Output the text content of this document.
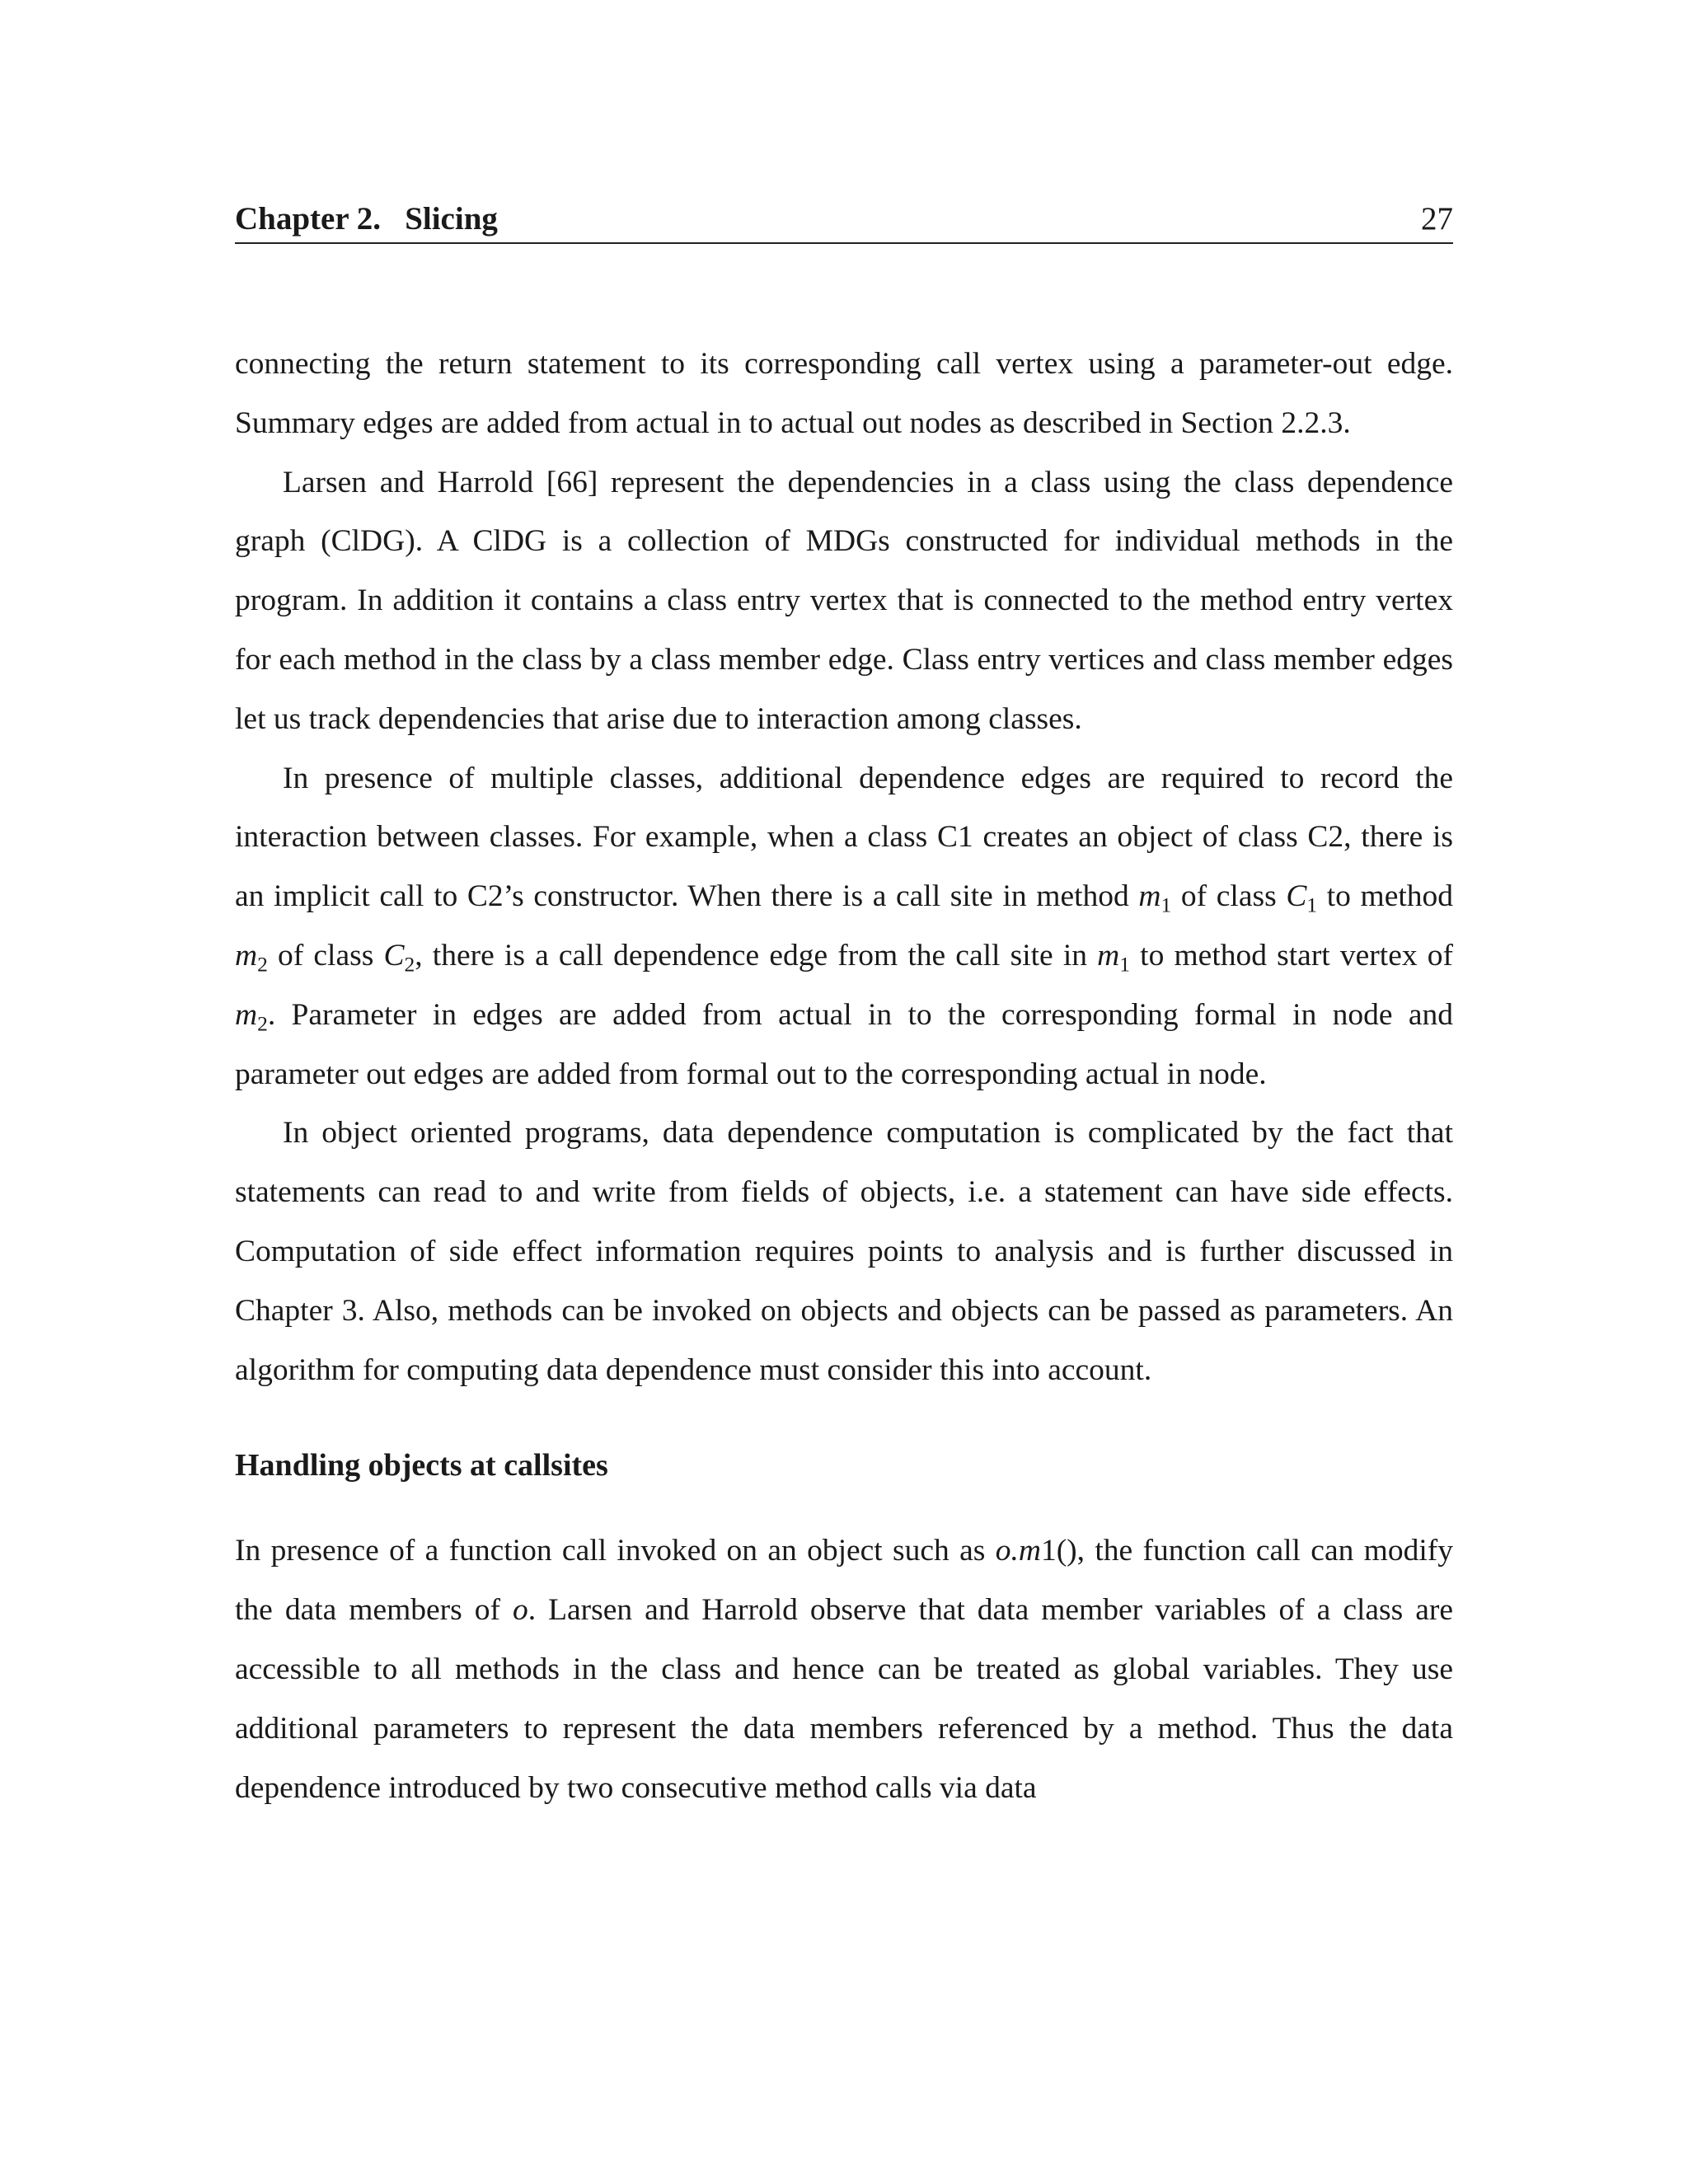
Chapter 2.   Slicing	27

connecting the return statement to its corresponding call vertex using a parameter-out edge. Summary edges are added from actual in to actual out nodes as described in Section 2.2.3.

Larsen and Harrold [66] represent the dependencies in a class using the class dependence graph (ClDG). A ClDG is a collection of MDGs constructed for individual methods in the program. In addition it contains a class entry vertex that is connected to the method entry vertex for each method in the class by a class member edge. Class entry vertices and class member edges let us track dependencies that arise due to interaction among classes.

In presence of multiple classes, additional dependence edges are required to record the interaction between classes. For example, when a class C1 creates an object of class C2, there is an implicit call to C2’s constructor. When there is a call site in method $m_1$ of class $C_1$ to method $m_2$ of class $C_2$, there is a call dependence edge from the call site in $m_1$ to method start vertex of $m_2$. Parameter in edges are added from actual in to the corresponding formal in node and parameter out edges are added from formal out to the corresponding actual in node.

In object oriented programs, data dependence computation is complicated by the fact that statements can read to and write from fields of objects, i.e. a statement can have side effects. Computation of side effect information requires points to analysis and is further discussed in Chapter 3. Also, methods can be invoked on objects and objects can be passed as parameters. An algorithm for computing data dependence must consider this into account.

Handling objects at callsites

In presence of a function call invoked on an object such as o.m1(), the function call can modify the data members of o. Larsen and Harrold observe that data member variables of a class are accessible to all methods in the class and hence can be treated as global variables. They use additional parameters to represent the data members referenced by a method. Thus the data dependence introduced by two consecutive method calls via data
